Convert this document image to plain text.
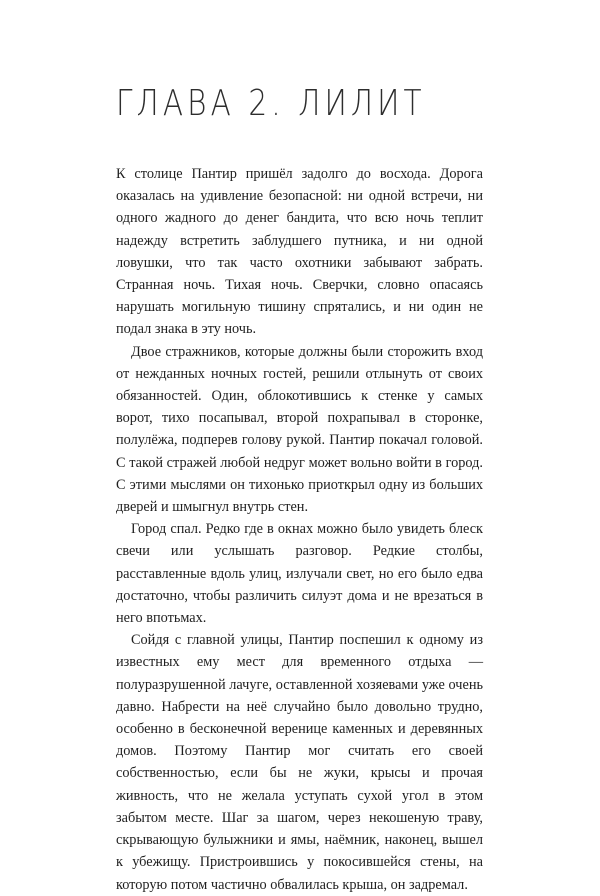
ГЛАВА 2. ЛИЛИТ

К столице Пантир пришёл задолго до восхода. Дорога оказалась на удивление безопасной: ни одной встречи, ни одного жадного до денег бандита, что всю ночь теплит надежду встретить заблудшего путника, и ни одной ловушки, что так часто охотники забывают забрать. Странная ночь. Тихая ночь. Сверчки, словно опасаясь нарушать могильную тишину спрятались, и ни один не подал знака в эту ночь.

Двое стражников, которые должны были сторожить вход от нежданных ночных гостей, решили отлынуть от своих обязанностей. Один, облокотившись к стенке у самых ворот, тихо посапывал, второй похрапывал в сторонке, полулёжа, подперев голову рукой. Пантир покачал головой. С такой стражей любой недруг может вольно войти в город. С этими мыслями он тихонько приоткрыл одну из больших дверей и шмыгнул внутрь стен.

Город спал. Редко где в окнах можно было увидеть блеск свечи или услышать разговор. Редкие столбы, расставленные вдоль улиц, излучали свет, но его было едва достаточно, чтобы различить силуэт дома и не врезаться в него впотьмах.

Сойдя с главной улицы, Пантир поспешил к одному из известных ему мест для временного отдыха — полуразрушенной лачуге, оставленной хозяевами уже очень давно. Набрести на неё случайно было довольно трудно, особенно в бесконечной веренице каменных и деревянных домов. Поэтому Пантир мог считать его своей собственностью, если бы не жуки, крысы и прочая живность, что не желала уступать сухой угол в этом забытом месте. Шаг за шагом, через некошеную траву, скрывающую булыжники и ямы, наёмник, наконец, вышел к убежищу. Пристроившись у покосившейся стены, на которую потом частично обвалилась крыша, он задремал.
